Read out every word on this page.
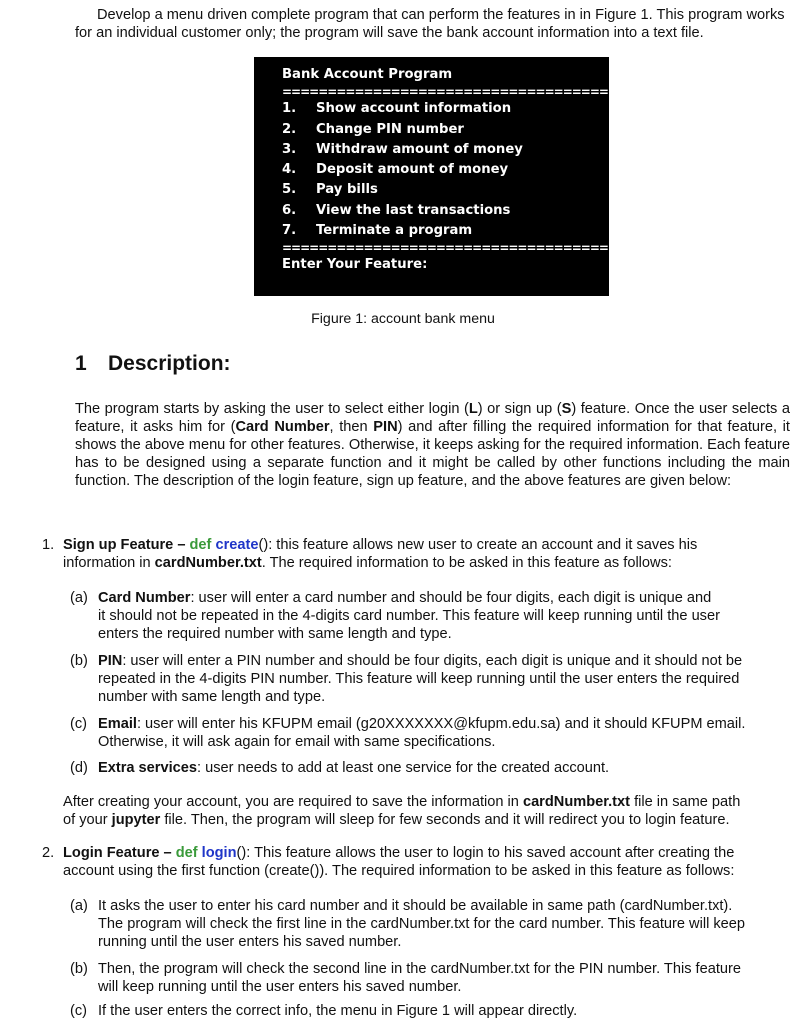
Develop a menu driven complete program that can perform the features in in Figure 1. This program works
for an individual customer only; the program will save the bank account information into a text file.
Bank Account Program
=====================================================
1. Show account information
2. Change PIN number
3. Withdraw amount of money
4. Deposit amount of money
5. Pay bills
6. View the last transactions
7. Terminate a program
=====================================================
Enter Your Feature:
Figure 1: account bank menu
1 Description:
The program starts by asking the user to select either login (L) or sign up (S) feature. Once the user selects a feature, it asks him for (Card Number, then PIN) and after filling the required information for that feature, it shows the above menu for other features. Otherwise, it keeps asking for the required information. Each feature has to be designed using a separate function and it might be called by other functions including the main function. The description of the login feature, sign up feature, and the above features are given below:
1. Sign up Feature – def create(): this feature allows new user to create an account and it saves his
information in cardNumber.txt. The required information to be asked in this feature as follows:
(a) Card Number: user will enter a card number and should be four digits, each digit is unique and
it should not be repeated in the 4-digits card number. This feature will keep running until the user
enters the required number with same length and type.
(b) PIN: user will enter a PIN number and should be four digits, each digit is unique and it should not be
repeated in the 4-digits PIN number. This feature will keep running until the user enters the required
number with same length and type.
(c) Email: user will enter his KFUPM email (g20XXXXXXX@kfupm.edu.sa) and it should KFUPM email.
Otherwise, it will ask again for email with same specifications.
(d) Extra services: user needs to add at least one service for the created account.
After creating your account, you are required to save the information in cardNumber.txt file in same path
of your jupyter file. Then, the program will sleep for few seconds and it will redirect you to login feature.
2. Login Feature – def login(): This feature allows the user to login to his saved account after creating the
account using the first function (create()). The required information to be asked in this feature as follows:
(a) It asks the user to enter his card number and it should be available in same path (cardNumber.txt).
The program will check the first line in the cardNumber.txt for the card number. This feature will keep
running until the user enters his saved number.
(b) Then, the program will check the second line in the cardNumber.txt for the PIN number. This feature
will keep running until the user enters his saved number.
(c) If the user enters the correct info, the menu in Figure 1 will appear directly.
